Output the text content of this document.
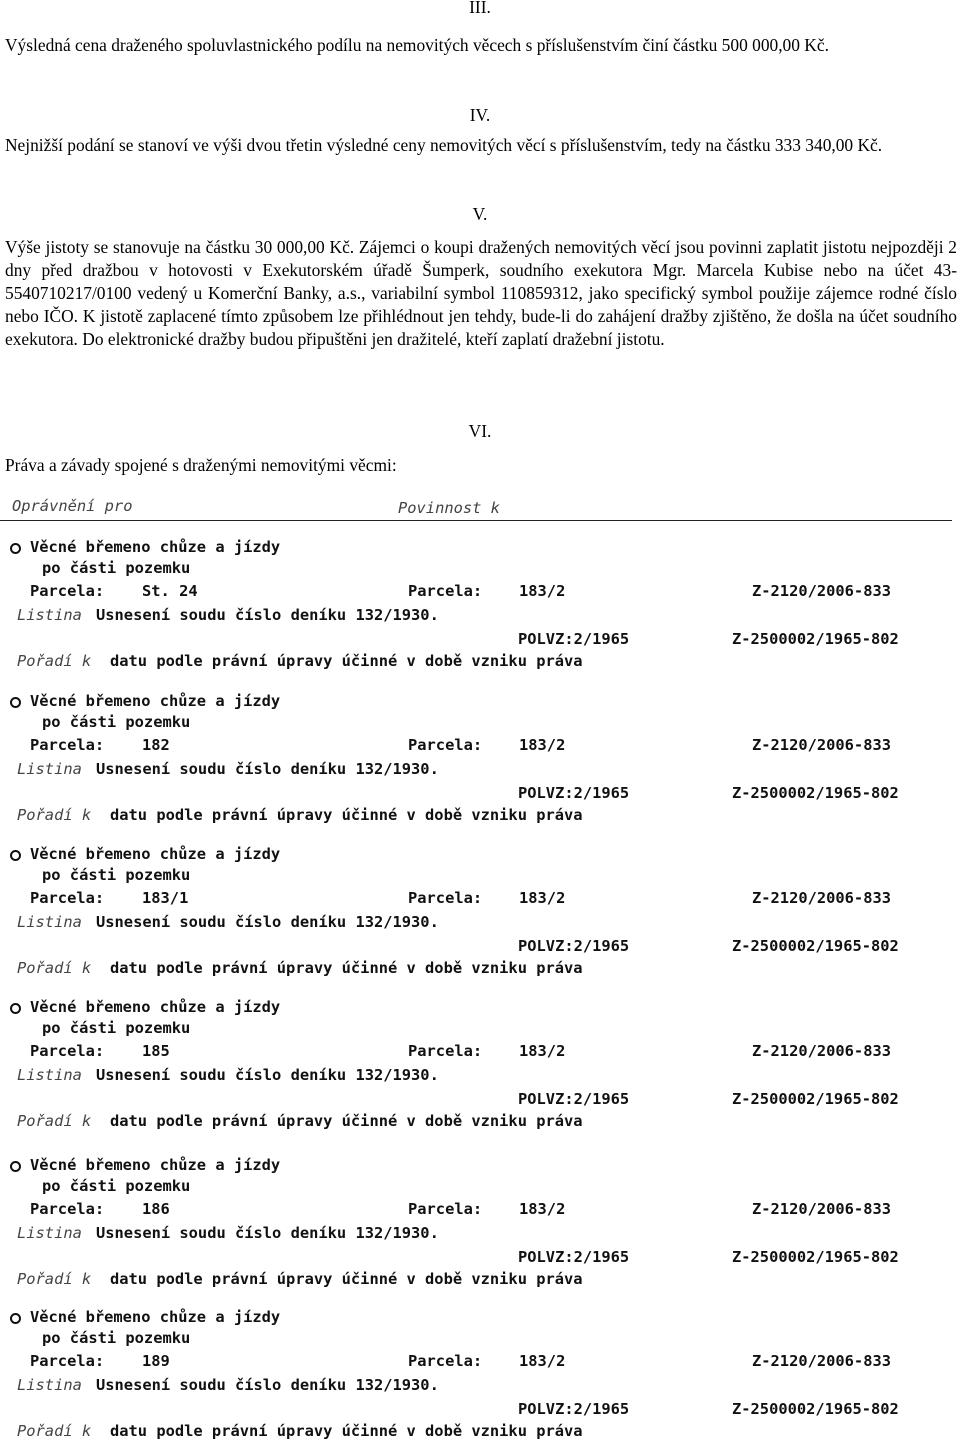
III.
Výsledná cena draženého spoluvlastnického podílu na nemovitých věcech s příslušenstvím činí částku 500 000,00 Kč.
IV.
Nejnižší podání se stanoví ve výši dvou třetin výsledné ceny nemovitých věcí s příslušenstvím, tedy na částku 333 340,00 Kč.
V.
Výše jistoty se stanovuje na částku 30 000,00 Kč. Zájemci o koupi dražených nemovitých věcí jsou povinni zaplatit jistotu nejpozději 2 dny před dražbou v hotovosti v Exekutorském úřadě Šumperk, soudního exekutora Mgr. Marcela Kubise nebo na účet 43-5540710217/0100 vedený u Komerční Banky, a.s., variabilní symbol 110859312, jako specifický symbol použije zájemce rodné číslo nebo IČO. K jistotě zaplacené tímto způsobem lze přihlédnout jen tehdy, bude-li do zahájení dražby zjištěno, že došla na účet soudního exekutora. Do elektronické dražby budou připuštěni jen dražitelé, kteří zaplatí dražební jistotu.
VI.
Práva a závady spojené s draženými nemovitými věcmi:
Oprávnění pro	Povinnost k
Věcné břemeno chůze a jízdy
po části pozemku
Parcela: St. 24	Parcela: 183/2	Z-2120/2006-833
Listina Usnesení soudu číslo deníku 132/1930.
POLVZ:2/1965	Z-2500002/1965-802
Pořadí k datu podle právní úpravy účinné v době vzniku práva
Věcné břemeno chůze a jízdy
po části pozemku
Parcela: 182	Parcela: 183/2	Z-2120/2006-833
Listina Usnesení soudu číslo deníku 132/1930.
POLVZ:2/1965	Z-2500002/1965-802
Pořadí k datu podle právní úpravy účinné v době vzniku práva
Věcné břemeno chůze a jízdy
po části pozemku
Parcela: 183/1	Parcela: 183/2	Z-2120/2006-833
Listina Usnesení soudu číslo deníku 132/1930.
POLVZ:2/1965	Z-2500002/1965-802
Pořadí k datu podle právní úpravy účinné v době vzniku práva
Věcné břemeno chůze a jízdy
po části pozemku
Parcela: 185	Parcela: 183/2	Z-2120/2006-833
Listina Usnesení soudu číslo deníku 132/1930.
POLVZ:2/1965	Z-2500002/1965-802
Pořadí k datu podle právní úpravy účinné v době vzniku práva
Věcné břemeno chůze a jízdy
po části pozemku
Parcela: 186	Parcela: 183/2	Z-2120/2006-833
Listina Usnesení soudu číslo deníku 132/1930.
POLVZ:2/1965	Z-2500002/1965-802
Pořadí k datu podle právní úpravy účinné v době vzniku práva
Věcné břemeno chůze a jízdy
po části pozemku
Parcela: 189	Parcela: 183/2	Z-2120/2006-833
Listina Usnesení soudu číslo deníku 132/1930.
POLVZ:2/1965	Z-2500002/1965-802
Pořadí k datu podle právní úpravy účinné v době vzniku práva
